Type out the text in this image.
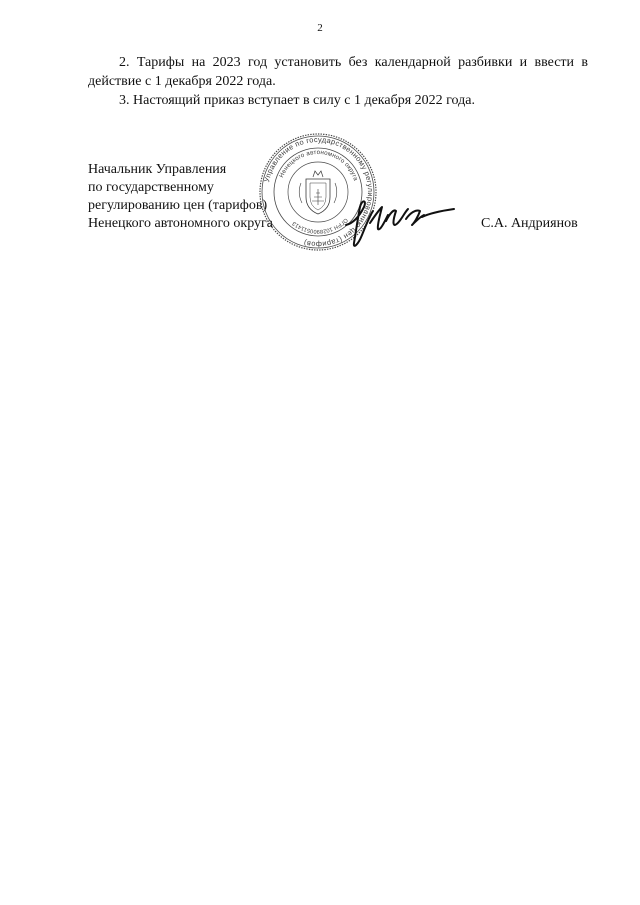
2

2. Тарифы на 2023 год установить без календарной разбивки и ввести в действие с 1 декабря 2022 года.

3. Настоящий приказ вступает в силу с 1 декабря 2022 года.

Начальник Управления
по государственному
регулированию цен (тарифов)
Ненецкого автономного округа	С.А. Андриянов
Управление по государственному регулированию цен (тарифов)
Ненецкого автономного округа
ОГРН 1028900511413
